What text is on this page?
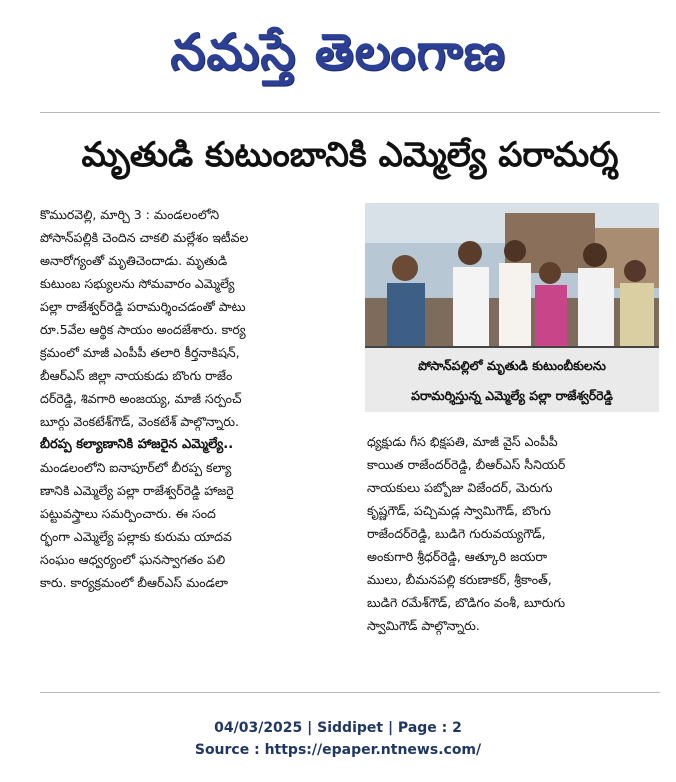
నమస్తే తెలంగాణ
మృతుడి కుటుంబానికి ఎమ్మెల్యే పరామర్శ
కొమురవెల్లి, మార్చి 3 : మండలంలోని
పోసాన్‌పల్లికి చెందిన చాకలి మల్లేశం ఇటీవల
అనారోగ్యంతో మృతిచెందాడు. మృతుడి
కుటుంబ సభ్యులను సోమవారం ఎమ్మెల్యే
పల్లా రాజేశ్వర్‌రెడ్డి పరామర్శించడంతో పాటు
రూ.5వేల ఆర్థిక సాయం అందజేశారు. కార్య
క్రమంలో మాజీ ఎంపీపీ తలారి కీర్తనాకిషన్,
బీఆర్‌ఎస్ జిల్లా నాయకుడు బొంగు రాజేం
దర్‌రెడ్డి, శివగారి అంజయ్య, మాజీ సర్పంచ్
బూర్గు వెంకటేశ్‌గౌడ్, వెంకటేశ్ పాల్గొన్నారు.
బీరప్ప కల్యాణానికి హాజరైన ఎమ్మెల్యే..
మండలంలోని ఐనాపూర్‌లో బీరప్ప కల్యా
ణానికి ఎమ్మెల్యే పల్లా రాజేశ్వర్‌రెడ్డి హాజరై
పట్టువస్త్రాలు సమర్పించారు. ఈ సంద
ర్భంగా ఎమ్మెల్యే పల్లాకు కురుమ యాదవ
సంఘం ఆధ్వర్యంలో ఘనస్వాగతం పలి
కారు. కార్యక్రమంలో బీఆర్‌ఎస్ మండలా
పోసాన్‌పల్లిలో మృతుడి కుటుంబీకులను
పరామర్శిస్తున్న ఎమ్మెల్యే పల్లా రాజేశ్వర్‌రెడ్డి
ధ్యక్షుడు గీస భిక్షపతి, మాజీ వైస్ ఎంపీపీ
కాయిత రాజేందర్‌రెడ్డి, బీఆర్‌ఎస్ సీనియర్
నాయకులు పబ్బోజు విజేందర్, మెరుగు
కృష్ణగౌడ్, పచ్చిమడ్ల స్వామిగౌడ్, బొంగు
రాజేందర్‌రెడ్డి, బుడిగె గురువయ్యగౌడ్,
అంకుగారి శ్రీధర్‌రెడ్డి, ఆత్కూరి జయరా
ములు, బీమనపల్లి కరుణాకర్, శ్రీకాంత్,
బుడిగె రమేశ్‌గౌడ్, బొడిగం వంశీ, బూరుగు
స్వామిగౌడ్ పాల్గొన్నారు.
04/03/2025 | Siddipet | Page : 2
Source : https://epaper.ntnews.com/
